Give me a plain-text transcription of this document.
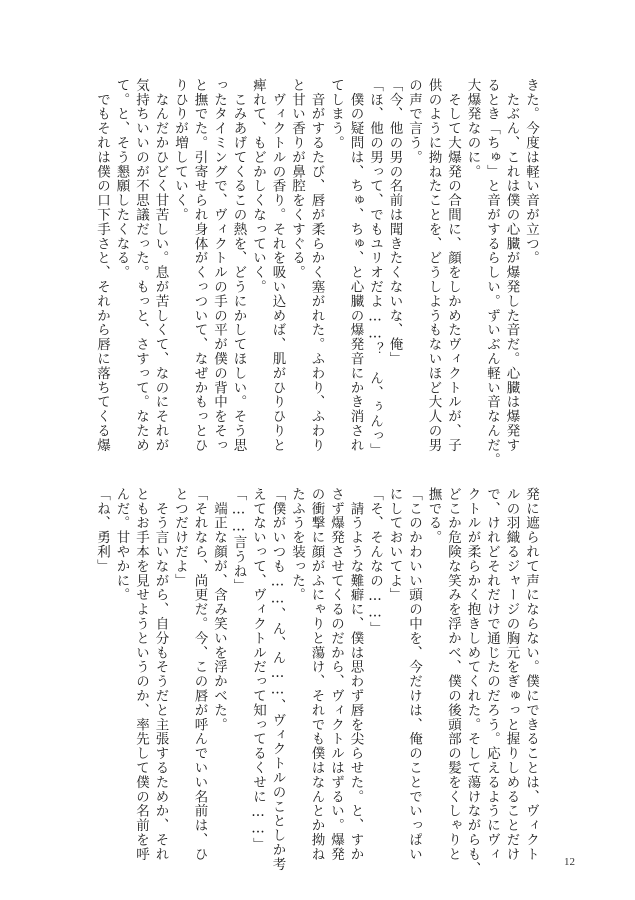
きた。今度は軽い音が立つ。
　たぶん、これは僕の心臓が爆発した音だ。心臓は爆発す
るとき「ちゅ」と音がするらしい。ずいぶん軽い音なんだ。
大爆発なのに。
　そして大爆発の合間に、顔をしかめたヴィクトルが、子
供のように拗ねたことを、どうしようもないほど大人の男
の声で言う。
「今、他の男の名前は聞きたくないな、俺」
「ほ、他の男って、でもユリオだよ……？　ん、ぅんっ」
　僕の疑問は、ちゅ、ちゅ、と心臓の爆発音にかき消され
てしまう。
　音がするたび、唇が柔らかく塞がれた。ふわり、ふわり
と甘い香りが鼻腔をくすぐる。
　ヴィクトルの香り。それを吸い込めば、肌がひりひりと
痺れて、もどかしくなっていく。
　こみあげてくるこの熱を、どうにかしてほしい。そう思
ったタイミングで、ヴィクトルの手の平が僕の背中をそっ
と撫でた。引寄せられ身体がくっついて、なぜかもっとひ
りひりが増していく。
　なんだかひどく甘苦しい。息が苦しくて、なのにそれが
気持ちいいのが不思議だった。もっと、さすって。なため
て。と、そう懇願したくなる。
　でもそれは僕の口下手さと、それから唇に落ちてくる爆
発に遮られて声にならない。僕にできることは、ヴィクト
ルの羽織るジャージの胸元をぎゅっと握りしめることだけ
で、けれどそれだけで通じたのだろう。応えるようにヴィ
クトルが柔らかく抱きしめてくれた。そして蕩けながらも、
どこか危険な笑みを浮かべ、僕の後頭部の髪をくしゃりと
撫でる。
「このかわいい頭の中を、今だけは、俺のことでいっぱい
にしておいてよ」
「そ、そんなの……」
　請うような難癖に、僕は思わず唇を尖らせた。と、すか
さず爆発させてくるのだから、ヴィクトルはずるい。爆発
の衝撃に顔がふにゃりと蕩け、それでも僕はなんとか拗ね
たふうを装った。
「僕がいつも……、ん、ん……、ヴィクトルのことしか考
えてないって、ヴィクトルだって知ってるくせに……」
「……言うね」
　端正な顔が、含み笑いを浮かべた。
「それなら、尚更だ。今、この唇が呼んでいい名前は、ひ
とつだけだよ」
　そう言いながら、自分もそうだと主張するためか、それ
ともお手本を見せようというのか、率先して僕の名前を呼
んだ。甘やかに。
「ね、勇利」
12
